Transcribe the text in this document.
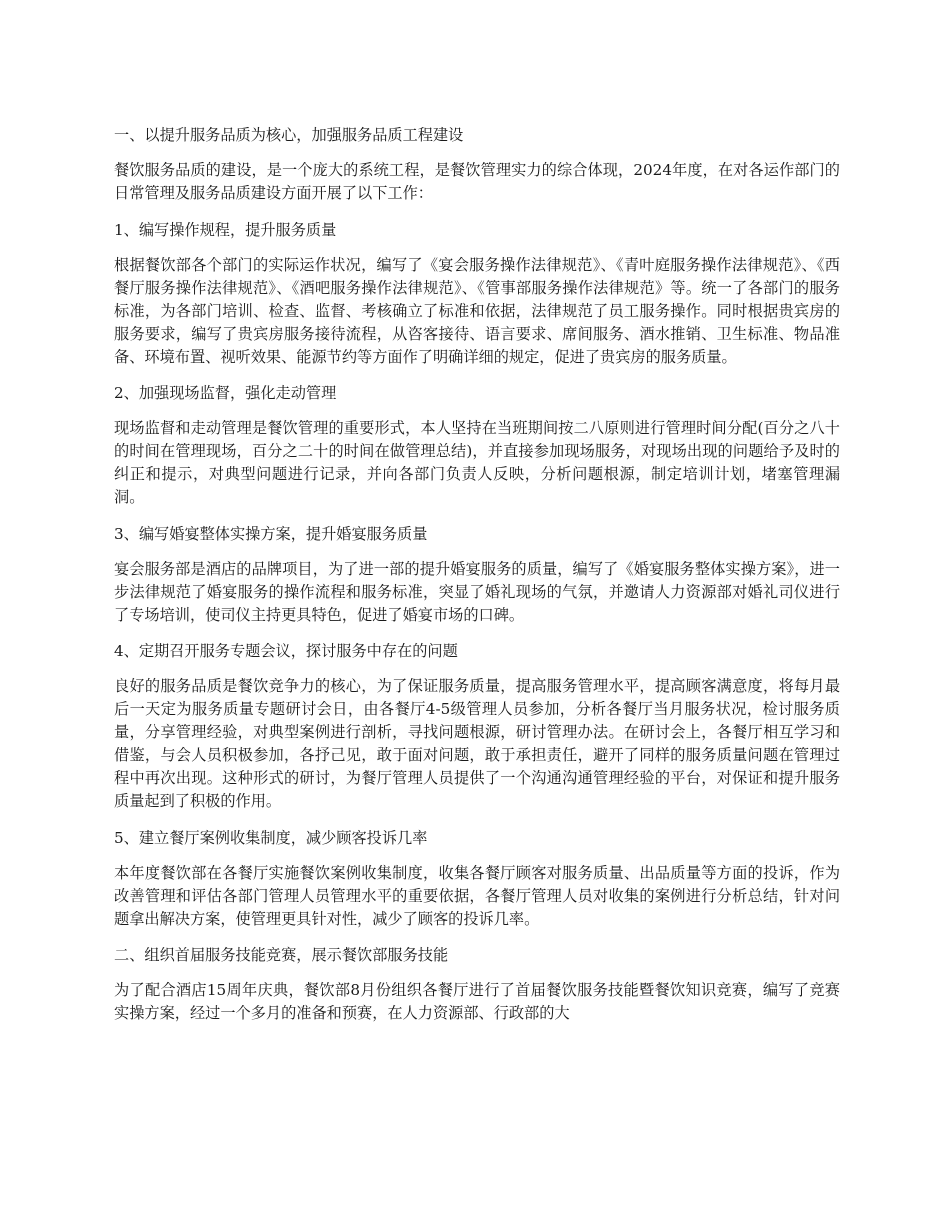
一、以提升服务品质为核心，加强服务品质工程建设

餐饮服务品质的建设，是一个庞大的系统工程，是餐饮管理实力的综合体现，2024年度，在对各运作部门的日常管理及服务品质建设方面开展了以下工作：

1、编写操作规程，提升服务质量

根据餐饮部各个部门的实际运作状况，编写了《宴会服务操作法律规范》、《青叶庭服务操作法律规范》、《西餐厅服务操作法律规范》、《酒吧服务操作法律规范》、《管事部服务操作法律规范》等。统一了各部门的服务标准，为各部门培训、检查、监督、考核确立了标准和依据，法律规范了员工服务操作。同时根据贵宾房的服务要求，编写了贵宾房服务接待流程，从咨客接待、语言要求、席间服务、酒水推销、卫生标准、物品准备、环境布置、视听效果、能源节约等方面作了明确详细的规定，促进了贵宾房的服务质量。

2、加强现场监督，强化走动管理

现场监督和走动管理是餐饮管理的重要形式，本人坚持在当班期间按二八原则进行管理时间分配(百分之八十的时间在管理现场，百分之二十的时间在做管理总结)，并直接参加现场服务，对现场出现的问题给予及时的纠正和提示，对典型问题进行记录，并向各部门负责人反映，分析问题根源，制定培训计划，堵塞管理漏洞。

3、编写婚宴整体实操方案，提升婚宴服务质量

宴会服务部是酒店的品牌项目，为了进一部的提升婚宴服务的质量，编写了《婚宴服务整体实操方案》，进一步法律规范了婚宴服务的操作流程和服务标准，突显了婚礼现场的气氛，并邀请人力资源部对婚礼司仪进行了专场培训，使司仪主持更具特色，促进了婚宴市场的口碑。

4、定期召开服务专题会议，探讨服务中存在的问题

良好的服务品质是餐饮竞争力的核心，为了保证服务质量，提高服务管理水平，提高顾客满意度，将每月最后一天定为服务质量专题研讨会日，由各餐厅4-5级管理人员参加，分析各餐厅当月服务状况，检讨服务质量，分享管理经验，对典型案例进行剖析，寻找问题根源，研讨管理办法。在研讨会上，各餐厅相互学习和借鉴，与会人员积极参加，各抒己见，敢于面对问题，敢于承担责任，避开了同样的服务质量问题在管理过程中再次出现。这种形式的研讨，为餐厅管理人员提供了一个沟通沟通管理经验的平台，对保证和提升服务质量起到了积极的作用。

5、建立餐厅案例收集制度，减少顾客投诉几率

本年度餐饮部在各餐厅实施餐饮案例收集制度，收集各餐厅顾客对服务质量、出品质量等方面的投诉，作为改善管理和评估各部门管理人员管理水平的重要依据，各餐厅管理人员对收集的案例进行分析总结，针对问题拿出解决方案，使管理更具针对性，减少了顾客的投诉几率。

二、组织首届服务技能竞赛，展示餐饮部服务技能

为了配合酒店15周年庆典，餐饮部8月份组织各餐厅进行了首届餐饮服务技能暨餐饮知识竞赛，编写了竞赛实操方案，经过一个多月的准备和预赛，在人力资源部、行政部的大
